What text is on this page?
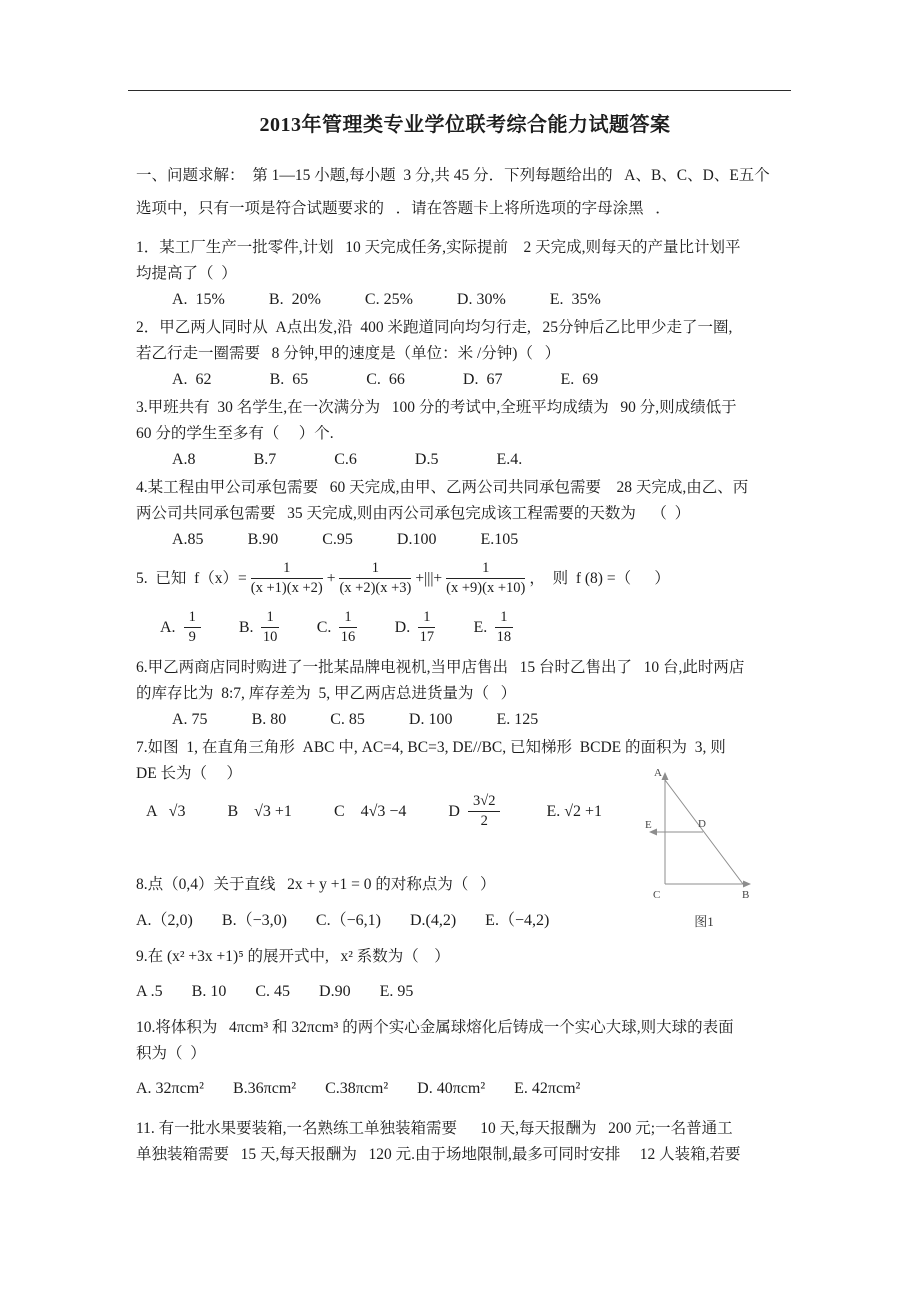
2013年管理类专业学位联考综合能力试题答案

一、问题求解：  第 1—15 小题,每小题  3 分,共 45 分．下列每题给出的   A、B、C、D、E五个

选项中，只有一项是符合试题要求的   ．请在答题卡上将所选项的字母涂黑   ．

1．某工厂生产一批零件,计划   10 天完成任务,实际提前    2 天完成,则每天的产量比计划平

均提高了（  ）

A.  15%	B.  20%	C. 25%	D. 30%	E.  35%

2．甲乙两人同时从  A点出发,沿  400 米跑道同向均匀行走,   25分钟后乙比甲少走了一圈,

若乙行走一圈需要   8 分钟,甲的速度是（单位：米 /分钟)（   ）

A.  62	B.  65	C.  66	D.  67	E.  69

3.甲班共有  30 名学生,在一次满分为   100 分的考试中,全班平均成绩为   90 分,则成绩低于

60 分的学生至多有（     ）个.

A.8	B.7	C.6	D.5	E.4.

4.某工程由甲公司承包需要   60 天完成,由甲、乙两公司共同承包需要    28 天完成,由乙、丙

两公司共同承包需要   35 天完成,则由丙公司承包完成该工程需要的天数为    （  ）

A.85	B.90	C.95	D.100	E.105
5.  已知  $f(x)= \frac{1}{(x +1)(x +2)} + \frac{1}{(x +2)(x +3)}$ +|||+ $\frac{1}{(x +9)(x +10)}$ ，  则  f (8) =（      ）
A. $\frac{1}{9} B$. $\frac{1}{10} C$. $\frac{1}{16} D$. $\frac{1}{17} E$. $\frac{1}{18}$

6.甲乙两商店同时购进了一批某品牌电视机,当甲店售出   15 台时乙售出了   10 台,此时两店

的库存比为  8:7, 库存差为  5, 甲乙两店总进货量为（   ）

A. 75	B. 80	C. 85	D. 100	E. 125

7.如图  1, 在直角三角形  ABC 中, AC=4, BC=3, DE//BC, 已知梯形  BCDE 的面积为  3, 则

DE 长为（     ）

A   √3	B    √3 +1	C    4√3 −4	D $\frac{3√2}{2}$	E. √2 +1
A
E	D
C	B
图1

8.点（0,4）关于直线   2x + y +1 = 0 的对称点为（   ）

A.（2,0) B.（−3,0) C.（−6,1) D.(4,2) E.（−4,2)

9.在 (x² +3x +1)⁵ 的展开式中,   x² 系数为（    ）

A .5 B. 10 C. 45 D.90 E. 95

10.将体积为   4πcm³ 和 32πcm³ 的两个实心金属球熔化后铸成一个实心大球,则大球的表面

积为（  ）

A. 32πcm² B.36πcm² C.38πcm² D. 40πcm² E. 42πcm²

11. 有一批水果要装箱,一名熟练工单独装箱需要      10 天,每天报酬为   200 元;一名普通工

单独装箱需要   15 天,每天报酬为   120 元.由于场地限制,最多可同时安排     12 人装箱,若要
